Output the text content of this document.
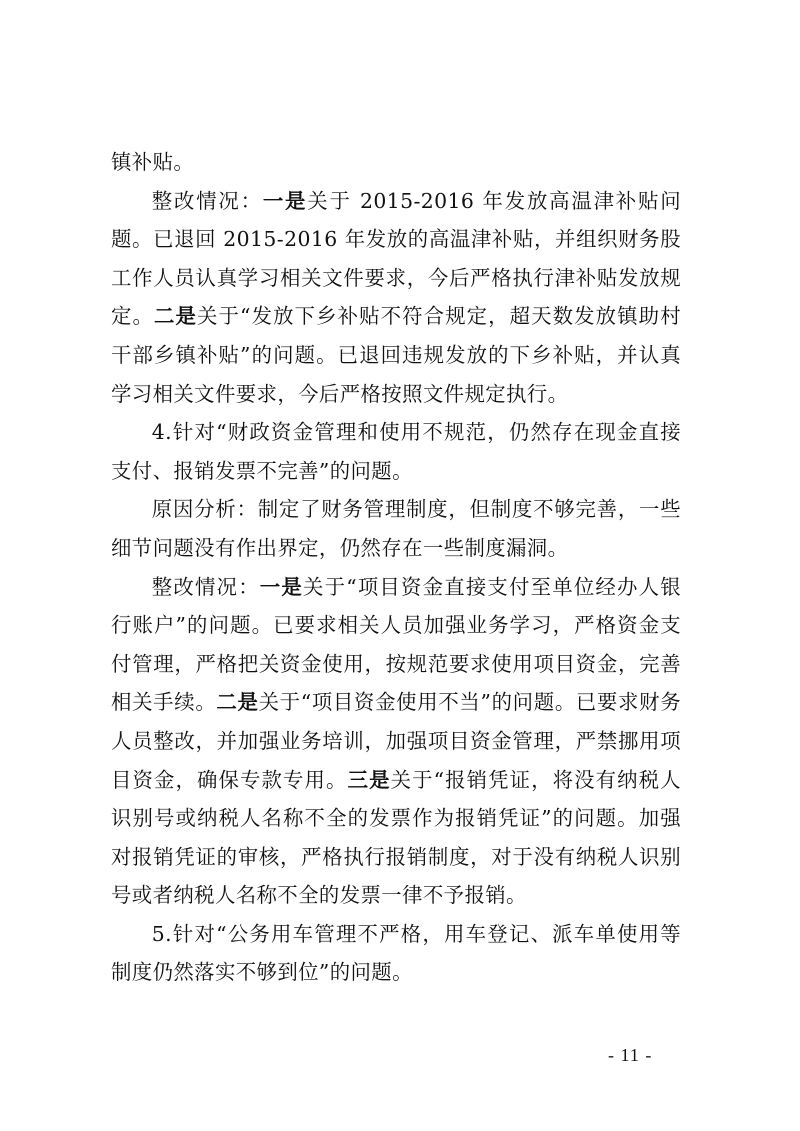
镇补贴。

整改情况：一是关于 2015-2016 年发放高温津补贴问题。已退回 2015-2016 年发放的高温津补贴，并组织财务股工作人员认真学习相关文件要求，今后严格执行津补贴发放规定。二是关于“发放下乡补贴不符合规定，超天数发放镇助村干部乡镇补贴”的问题。已退回违规发放的下乡补贴，并认真学习相关文件要求，今后严格按照文件规定执行。

4.针对“财政资金管理和使用不规范，仍然存在现金直接支付、报销发票不完善”的问题。

原因分析：制定了财务管理制度，但制度不够完善，一些细节问题没有作出界定，仍然存在一些制度漏洞。

整改情况：一是关于“项目资金直接支付至单位经办人银行账户”的问题。已要求相关人员加强业务学习，严格资金支付管理，严格把关资金使用，按规范要求使用项目资金，完善相关手续。二是关于“项目资金使用不当”的问题。已要求财务人员整改，并加强业务培训，加强项目资金管理，严禁挪用项目资金，确保专款专用。三是关于“报销凭证，将没有纳税人识别号或纳税人名称不全的发票作为报销凭证”的问题。加强对报销凭证的审核，严格执行报销制度，对于没有纳税人识别号或者纳税人名称不全的发票一律不予报销。

5.针对“公务用车管理不严格，用车登记、派车单使用等制度仍然落实不够到位”的问题。

- 11 -
